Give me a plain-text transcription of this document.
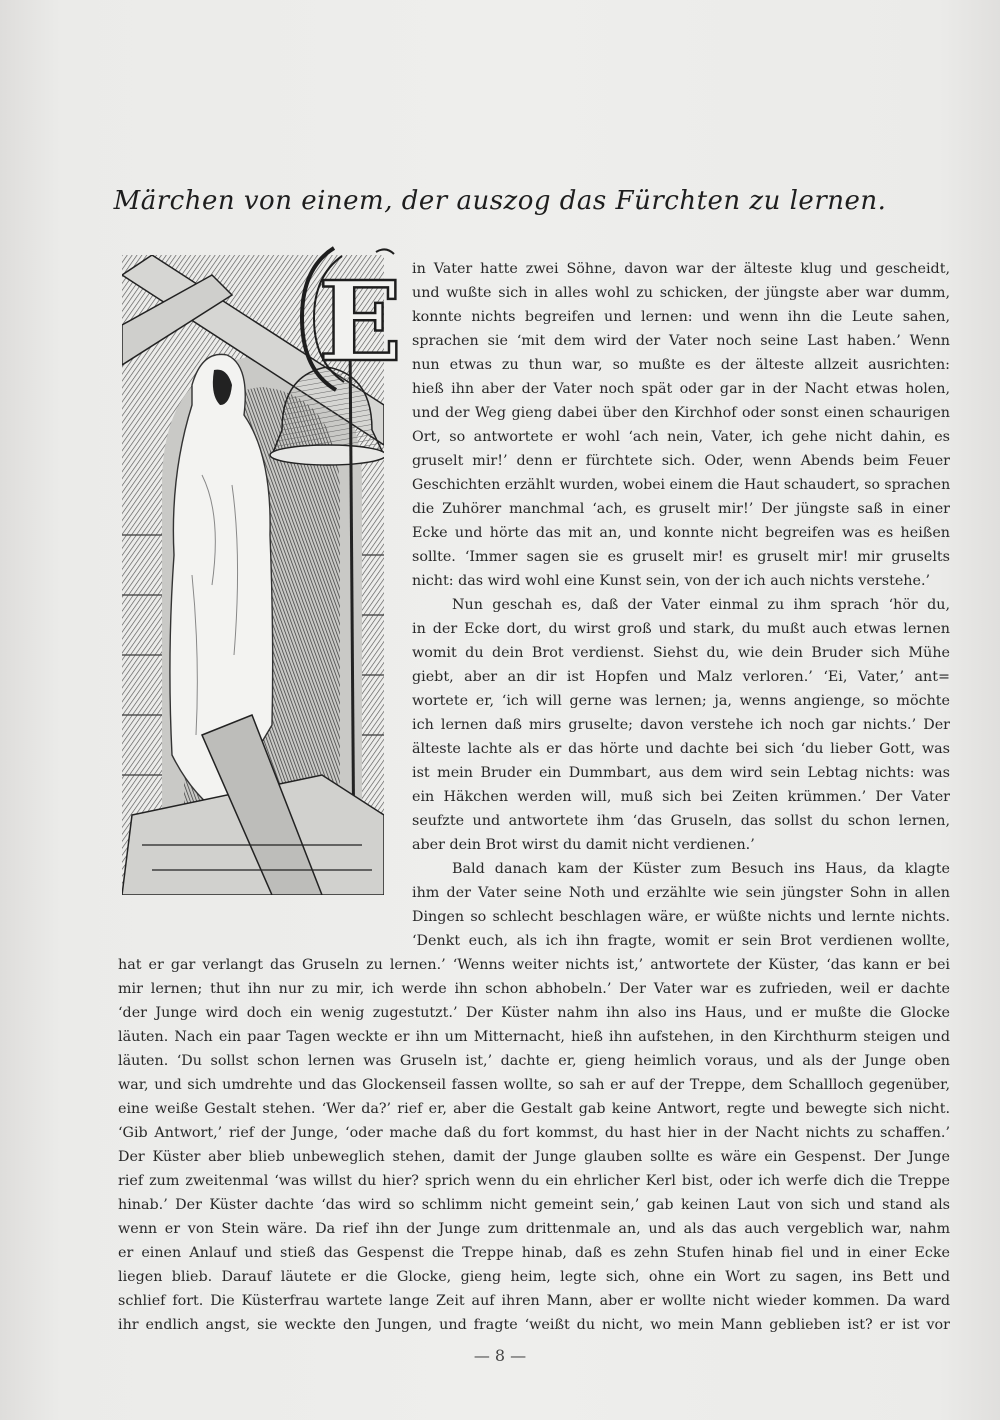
Märchen von einem, der auszog das Fürchten zu lernen.
E in Vater hatte zwei Söhne, davon war der älteste klug und gescheidt,
und wußte sich in alles wohl zu schicken, der jüngste aber war dumm,
konnte nichts begreifen und lernen: und wenn ihn die Leute sahen,
sprachen sie ‘mit dem wird der Vater noch seine Last haben.’ Wenn
nun etwas zu thun war, so mußte es der älteste allzeit ausrichten:
hieß ihn aber der Vater noch spät oder gar in der Nacht etwas holen,
und der Weg gieng dabei über den Kirchhof oder sonst einen schaurigen
Ort, so antwortete er wohl ‘ach nein, Vater, ich gehe nicht dahin, es
gruselt mir!’ denn er fürchtete sich. Oder, wenn Abends beim Feuer
Geschichten erzählt wurden, wobei einem die Haut schaudert, so sprachen
die Zuhörer manchmal ‘ach, es gruselt mir!’ Der jüngste saß in einer
Ecke und hörte das mit an, und konnte nicht begreifen was es heißen
sollte. ‘Immer sagen sie es gruselt mir! es gruselt mir! mir gruselts
nicht: das wird wohl eine Kunst sein, von der ich auch nichts verstehe.’
Nun geschah es, daß der Vater einmal zu ihm sprach ‘hör du,
in der Ecke dort, du wirst groß und stark, du mußt auch etwas lernen
womit du dein Brot verdienst. Siehst du, wie dein Bruder sich Mühe
giebt, aber an dir ist Hopfen und Malz verloren.’ ‘Ei, Vater,’ ant=
wortete er, ‘ich will gerne was lernen; ja, wenns angienge, so möchte
ich lernen daß mirs gruselte; davon verstehe ich noch gar nichts.’ Der
älteste lachte als er das hörte und dachte bei sich ‘du lieber Gott, was
ist mein Bruder ein Dummbart, aus dem wird sein Lebtag nichts: was
ein Häkchen werden will, muß sich bei Zeiten krümmen.’ Der Vater
seufzte und antwortete ihm ‘das Gruseln, das sollst du schon lernen,
aber dein Brot wirst du damit nicht verdienen.’
Bald danach kam der Küster zum Besuch ins Haus, da klagte
ihm der Vater seine Noth und erzählte wie sein jüngster Sohn in allen
Dingen so schlecht beschlagen wäre, er wüßte nichts und lernte nichts.
‘Denkt euch, als ich ihn fragte, womit er sein Brot verdienen wollte,
hat er gar verlangt das Gruseln zu lernen.’ ‘Wenns weiter nichts ist,’ antwortete der Küster, ‘das kann er bei
mir lernen; thut ihn nur zu mir, ich werde ihn schon abhobeln.’ Der Vater war es zufrieden, weil er dachte
‘der Junge wird doch ein wenig zugestutzt.’ Der Küster nahm ihn also ins Haus, und er mußte die Glocke
läuten. Nach ein paar Tagen weckte er ihn um Mitternacht, hieß ihn aufstehen, in den Kirchthurm steigen und
läuten. ‘Du sollst schon lernen was Gruseln ist,’ dachte er, gieng heimlich voraus, und als der Junge oben
war, und sich umdrehte und das Glockenseil fassen wollte, so sah er auf der Treppe, dem Schallloch gegenüber,
eine weiße Gestalt stehen. ‘Wer da?’ rief er, aber die Gestalt gab keine Antwort, regte und bewegte sich nicht.
‘Gib Antwort,’ rief der Junge, ‘oder mache daß du fort kommst, du hast hier in der Nacht nichts zu schaffen.’
Der Küster aber blieb unbeweglich stehen, damit der Junge glauben sollte es wäre ein Gespenst. Der Junge
rief zum zweitenmal ‘was willst du hier? sprich wenn du ein ehrlicher Kerl bist, oder ich werfe dich die Treppe
hinab.’ Der Küster dachte ‘das wird so schlimm nicht gemeint sein,’ gab keinen Laut von sich und stand als
wenn er von Stein wäre. Da rief ihn der Junge zum drittenmale an, und als das auch vergeblich war, nahm
er einen Anlauf und stieß das Gespenst die Treppe hinab, daß es zehn Stufen hinab fiel und in einer Ecke
liegen blieb. Darauf läutete er die Glocke, gieng heim, legte sich, ohne ein Wort zu sagen, ins Bett und
schlief fort. Die Küsterfrau wartete lange Zeit auf ihren Mann, aber er wollte nicht wieder kommen. Da ward
ihr endlich angst, sie weckte den Jungen, und fragte ‘weißt du nicht, wo mein Mann geblieben ist? er ist vor
— 8 —
